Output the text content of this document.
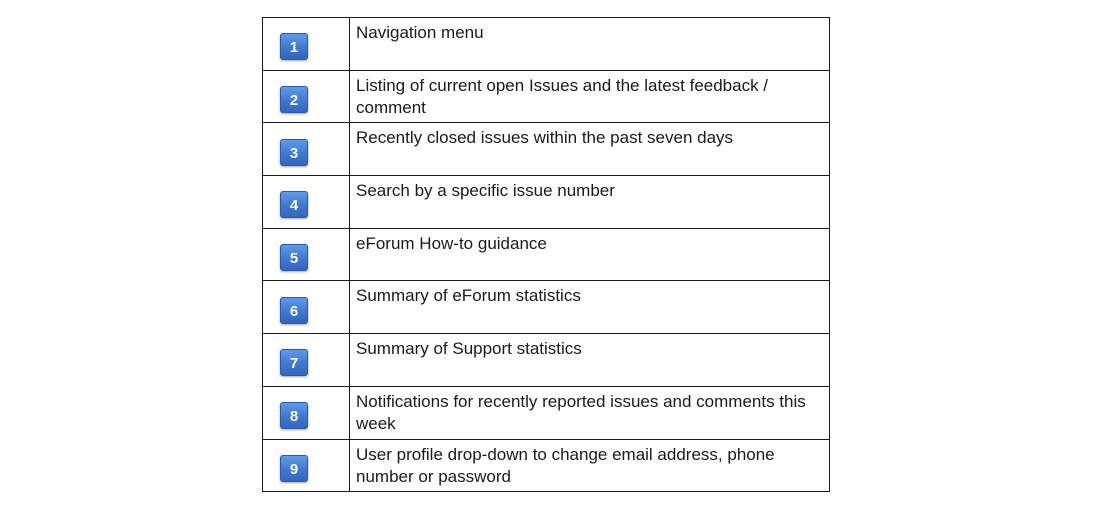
1	Navigation menu

2	Listing of current open Issues and the latest feedback / comment

3	Recently closed issues within the past seven days

4	Search by a specific issue number

5	eForum How-to guidance

6	Summary of eForum statistics

7	Summary of Support statistics

8	Notifications for recently reported issues and comments this week

9	User profile drop-down to change email address, phone number or password
